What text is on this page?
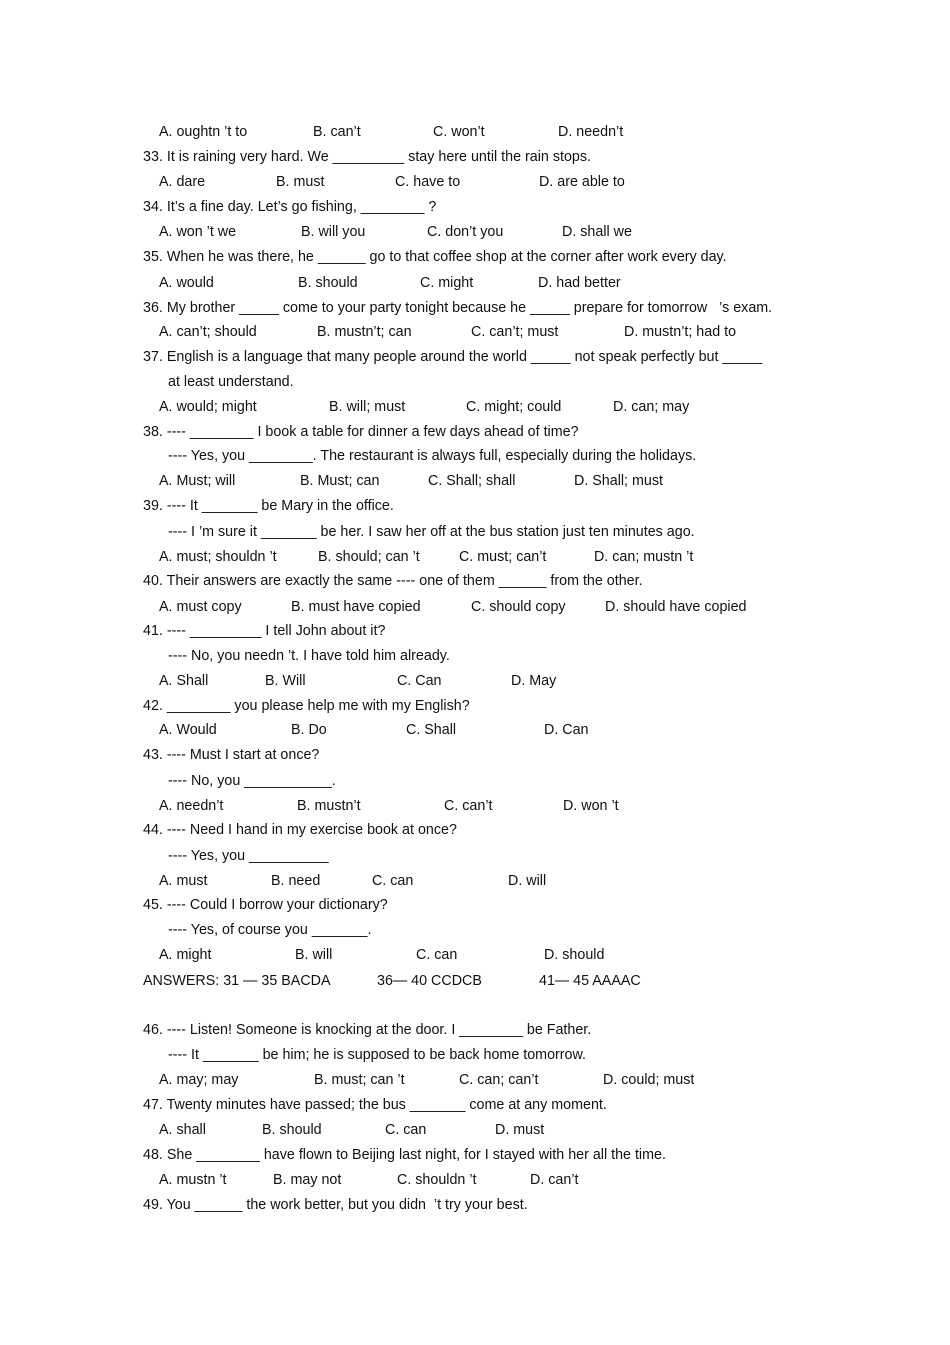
A. oughtn ’t to	B. can’t	C. won’t	D. needn’t
33. It is raining very hard. We _________ stay here until the rain stops.
A. dare	B. must	C. have to	D. are able to
34. It’s a fine day. Let’s go fishing, ________ ?
A. won ’t we	B. will you	C. don’t you	D. shall we
35. When he was there, he ______ go to that coffee shop at the corner after work every day.
A. would	B. should	C. might	D. had better
36. My brother _____ come to your party tonight because he _____ prepare for tomorrow   ’s exam.
A. can’t; should	B. mustn’t; can	C. can’t; must	D. mustn’t; had to
37. English is a language that many people around the world _____ not speak perfectly but _____
at least understand.
A. would; might	B. will; must	C. might; could	D. can; may
38. ---- ________ I book a table for dinner a few days ahead of time?
---- Yes, you ________. The restaurant is always full, especially during the holidays.
A. Must; will	B. Must; can	C. Shall; shall	D. Shall; must
39. ---- It _______ be Mary in the office.
---- I ’m sure it _______ be her. I saw her off at the bus station just ten minutes ago.
A. must; shouldn ’t	B. should; can ’t	C. must; can’t	D. can; mustn ’t
40. Their answers are exactly the same ---- one of them ______ from the other.
A. must copy	B. must have copied	C. should copy	D. should have copied
41. ---- _________ I tell John about it?
---- No, you needn ’t. I have told him already.
A. Shall	B. Will	C. Can	D. May
42. ________ you please help me with my English?
A. Would	B. Do	C. Shall	D. Can
43. ---- Must I start at once?
---- No, you ___________.
A. needn’t	B. mustn’t	C. can’t	D. won ’t
44. ---- Need I hand in my exercise book at once?
---- Yes, you __________
A. must	B. need	C. can	D. will
45. ---- Could I borrow your dictionary?
---- Yes, of course you _______.
A. might	B. will	C. can	D. should
ANSWERS: 31 — 35 BACDA	36— 40 CCDCB	41— 45 AAAAC
46. ---- Listen! Someone is knocking at the door. I ________ be Father.
---- It _______ be him; he is supposed to be back home tomorrow.
A. may; may	B. must; can ’t	C. can; can’t	D. could; must
47. Twenty minutes have passed; the bus _______ come at any moment.
A. shall	B. should	C. can	D. must
48. She ________ have flown to Beijing last night, for I stayed with her all the time.
A. mustn ’t	B. may not	C. shouldn ’t	D. can’t
49. You ______ the work better, but you didn  ’t try your best.
